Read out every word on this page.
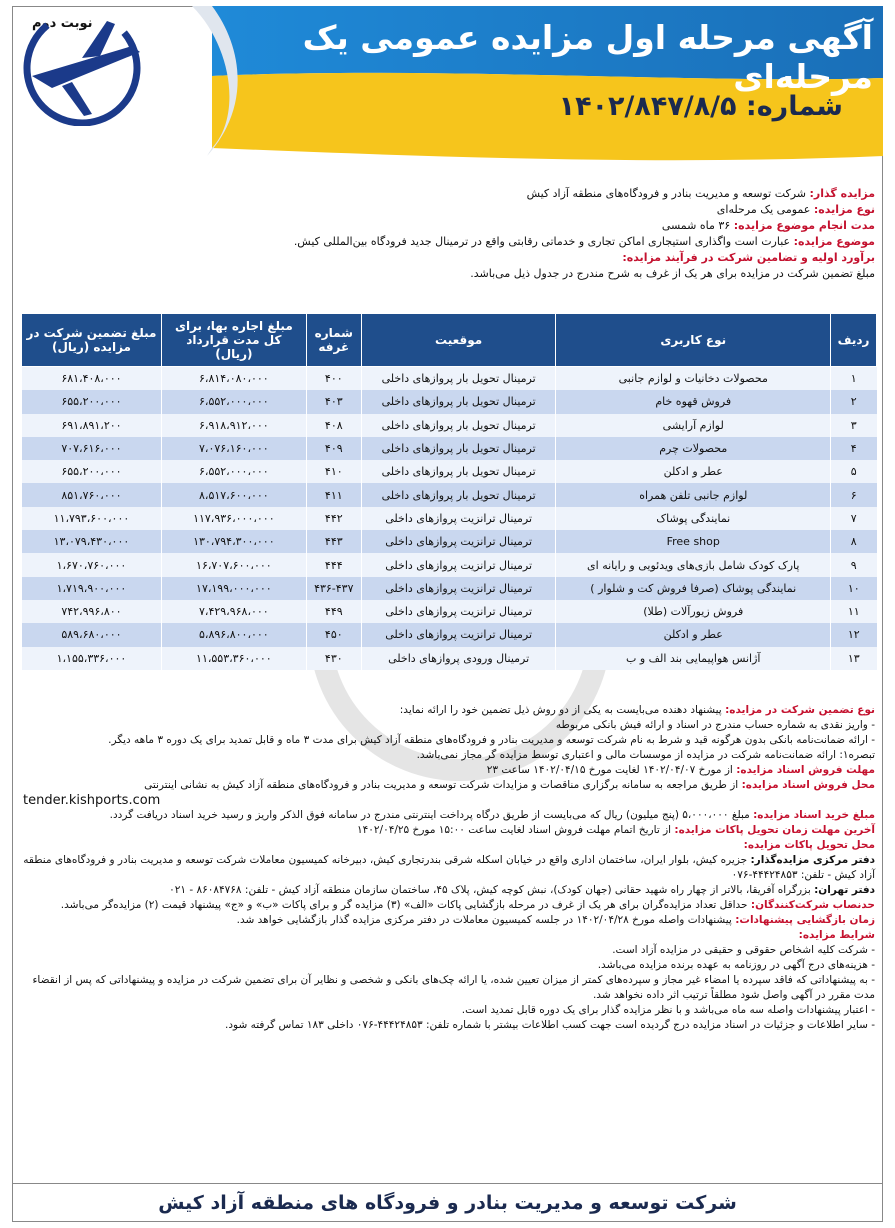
نوبت دوم	آگهی مرحله اول مزایده عمومی یک مرحله‌ای
شماره: ۱۴۰۲/۸۴۷/۸/۵
مزایده گذار: شرکت توسعه و مدیریت بنادر و فرودگاه‌های منطقه آزاد کیش
نوع مزایده: عمومی یک مرحله‌ای
مدت انجام موضوع مزایده: ۳۶ ماه شمسی
موضوع مزایده: عبارت است واگذاری استیجاری اماکن تجاری و خدماتی رقابتی واقع در ترمینال جدید فرودگاه بین‌المللی کیش.
برآورد اولیه و تضامین شرکت در فرآیند مزایده:
مبلغ تضمین شرکت در مزایده برای هر یک از غرف به شرح مندرج در جدول ذیل می‌باشد.
ردیف	نوع کاربری	موقعیت	شماره غرفه	مبلغ اجاره بها، برای کل مدت قرارداد (ریال)	مبلغ تضمین شرکت در مزایده (ریال)
۱	محصولات دخانیات و لوازم جانبی	ترمینال تحویل بار پروازهای داخلی	۴۰۰	۶،۸۱۴،۰۸۰،۰۰۰	۶۸۱،۴۰۸،۰۰۰
۲	فروش قهوه خام	ترمینال تحویل بار پروازهای داخلی	۴۰۳	۶،۵۵۲،۰۰۰،۰۰۰	۶۵۵،۲۰۰،۰۰۰
۳	لوازم آرایشی	ترمینال تحویل بار پروازهای داخلی	۴۰۸	۶،۹۱۸،۹۱۲،۰۰۰	۶۹۱،۸۹۱،۲۰۰
۴	محصولات چرم	ترمینال تحویل بار پروازهای داخلی	۴۰۹	۷،۰۷۶،۱۶۰،۰۰۰	۷۰۷،۶۱۶،۰۰۰
۵	عطر و ادکلن	ترمینال تحویل بار پروازهای داخلی	۴۱۰	۶،۵۵۲،۰۰۰،۰۰۰	۶۵۵،۲۰۰،۰۰۰
۶	لوازم جانبی تلفن همراه	ترمینال تحویل بار پروازهای داخلی	۴۱۱	۸،۵۱۷،۶۰۰،۰۰۰	۸۵۱،۷۶۰،۰۰۰
۷	نمایندگی پوشاک	ترمینال ترانزیت پروازهای داخلی	۴۴۲	۱۱۷،۹۳۶،۰۰۰،۰۰۰	۱۱،۷۹۳،۶۰۰،۰۰۰
۸	Free shop	ترمینال ترانزیت پروازهای داخلی	۴۴۳	۱۳۰،۷۹۴،۳۰۰،۰۰۰	۱۳،۰۷۹،۴۳۰،۰۰۰
۹	پارک کودک شامل بازی‌های ویدئویی و رایانه ای	ترمینال ترانزیت پروازهای داخلی	۴۴۴	۱۶،۷۰۷،۶۰۰،۰۰۰	۱،۶۷۰،۷۶۰،۰۰۰
۱۰	نمایندگی پوشاک (صرفا فروش کت و شلوار )	ترمینال ترانزیت پروازهای داخلی	۴۳۶-۴۳۷	۱۷،۱۹۹،۰۰۰،۰۰۰	۱،۷۱۹،۹۰۰،۰۰۰
۱۱	فروش زیورآلات (طلا)	ترمینال ترانزیت پروازهای داخلی	۴۴۹	۷،۴۲۹،۹۶۸،۰۰۰	۷۴۲،۹۹۶،۸۰۰
۱۲	عطر و ادکلن	ترمینال ترانزیت پروازهای داخلی	۴۵۰	۵،۸۹۶،۸۰۰،۰۰۰	۵۸۹،۶۸۰،۰۰۰
۱۳	آژانس هواپیمایی بند الف و ب	ترمینال ورودی پروازهای داخلی	۴۳۰	۱۱،۵۵۳،۳۶۰،۰۰۰	۱،۱۵۵،۳۳۶،۰۰۰

نوع تضمین شرکت در مزایده: پیشنهاد دهنده می‌بایست به یکی از دو روش ذیل تضمین خود را ارائه نماید:

- واریز نقدی به شماره حساب مندرج در اسناد و ارائه فیش بانکی مربوطه

- ارائه ضمانت‌نامه بانکی بدون هرگونه قید و شرط به نام شرکت توسعه و مدیریت بنادر و فرودگاه‌های منطقه آزاد کیش برای مدت ۳ ماه و قابل تمدید برای یک دوره ۳ ماهه دیگر.

تبصره۱: ارائه ضمانت‌نامه شرکت در مزایده از موسسات مالی و اعتباری توسط مزایده گر مجاز نمی‌باشد.

مهلت فروش اسناد مزایده: از مورخ ۱۴۰۲/۰۴/۰۷ لغایت مورخ ۱۴۰۲/۰۴/۱۵ ساعت ۲۳

محل فروش اسناد مزایده: از طریق مراجعه به سامانه برگزاری مناقصات و مزایدات شرکت توسعه و مدیریت بنادر و فرودگاه‌های منطقه آزاد کیش به نشانی اینترنتی

tender.kishports.com

مبلغ خرید اسناد مزایده: مبلغ ۵،۰۰۰،۰۰۰ (پنج میلیون) ریال که می‌بایست از طریق درگاه پرداخت اینترنتی مندرج در سامانه فوق الذکر واریز و رسید خرید اسناد دریافت گردد.

آخرین مهلت زمان تحویل پاکات مزایده: از تاریخ اتمام مهلت فروش اسناد لغایت ساعت ۱۵:۰۰ مورخ ۱۴۰۲/۰۴/۲۵

محل تحویل پاکات مزایده:

دفتر مرکزی مزایده‌گذار: جزیره کیش، بلوار ایران، ساختمان اداری واقع در خیابان اسکله شرقی بندرتجاری کیش، دبیرخانه کمیسیون معاملات شرکت توسعه و مدیریت بنادر و فرودگاه‌های منطقه آزاد کیش - تلفن: ۴۴۴۲۴۸۵۳-۰۷۶

دفتر تهران: بزرگراه آفریقا، بالاتر از چهار راه شهید حقانی (جهان کودک)، نبش کوچه کیش، پلاک ۴۵، ساختمان سازمان منطقه آزاد کیش - تلفن: ۸۶۰۸۴۷۶۸ - ۰۲۱

حدنصاب شرکت‌کنندگان: حداقل تعداد مزایده‌گران برای هر یک از غرف در مرحله بازگشایی پاکات «الف» (۳) مزایده گر و برای پاکات «ب» و «ج» پیشنهاد قیمت (۲) مزایده‌گر می‌باشد.

زمان بازگشایی پیشنهادات: پیشنهادات واصله مورخ ۱۴۰۲/۰۴/۲۸ در جلسه کمیسیون معاملات در دفتر مرکزی مزایده گذار بازگشایی خواهد شد.

شرایط مزایده:

- شرکت کلیه اشخاص حقوقی و حقیقی در مزایده آزاد است.

- هزینه‌های درج آگهی در روزنامه به عهده برنده مزایده می‌باشد.

- به پیشنهاداتی که فاقد سپرده یا امضاء غیر مجاز و سپرده‌های کمتر از میزان تعیین شده، یا ارائه چک‌های بانکی و شخصی و نظایر آن برای تضمین شرکت در مزایده و پیشنهاداتی که پس از انقضاء مدت مقرر در آگهی واصل شود مطلقاً ترتیب اثر داده نخواهد شد.

- اعتبار پیشنهادات واصله سه ماه می‌باشد و با نظر مزایده گذار برای یک دوره قابل تمدید است.

- سایر اطلاعات و جزئیات در اسناد مزایده درج گردیده است جهت کسب اطلاعات بیشتر با شماره تلفن: ۴۴۴۲۴۸۵۳-۰۷۶ داخلی ۱۸۳ تماس گرفته شود.

شرکت توسعه و مدیریت بنادر و فرودگاه های منطقه آزاد کیش
